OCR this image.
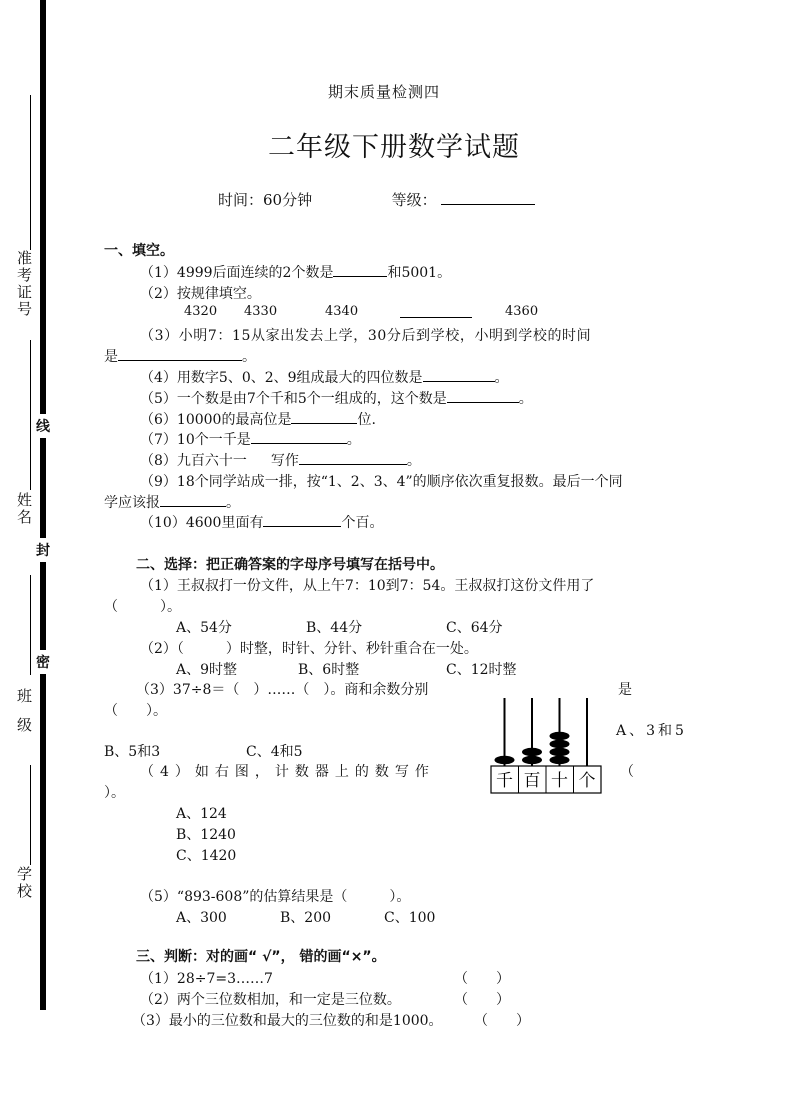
准考证号
姓名
班级
学校
线
封
密
期末质量检测四
二年级下册数学试题
时间：60分钟	等级：
一、填空。
（1）4999后面连续的2个数是	和5001。
（2）按规律填空。
4320 4330	4340	4360
（3）小明7：15从家出发去上学，30分后到学校，小明到学校的时间
是	。
（4）用数字5、0、2、9组成最大的四位数是	。
（5）一个数是由7个千和5个一组成的，这个数是	。
（6）10000的最高位是	位.
（7）10个一千是	。
（8）九百六十一 写作	。
（9）18个同学站成一排，按“1、2、3、4”的顺序依次重复报数。最后一个同
学应该报	。
（10）4600里面有	个百。
二、选择：把正确答案的字母序号填写在括号中。
（1）王叔叔打一份文件，从上午7：10到7：54。王叔叔打这份文件用了
（　　　）。
A、54分	B、44分	C、64分
（2）（　　　）时整，时针、分针、秒针重合在一处。
A、9时整	B、6时整	C、12时整
（3）37÷8＝（　）……（　）。商和余数分别	是
（　　）。
A、3和5
B、5和3	C、4和5
（4）如右图，计数器上的数写作	（
）。
A、124
B、1240
C、1420
（5）“893-608”的估算结果是（　　　）。
A、300	B、200	C、100
千 百 十 个
三、判断：对的画“ √”， 错的画“×”。
（1）28÷7=3……7	（　　）
（2）两个三位数相加，和一定是三位数。	（　　）
（3）最小的三位数和最大的三位数的和是1000。 （　　）
